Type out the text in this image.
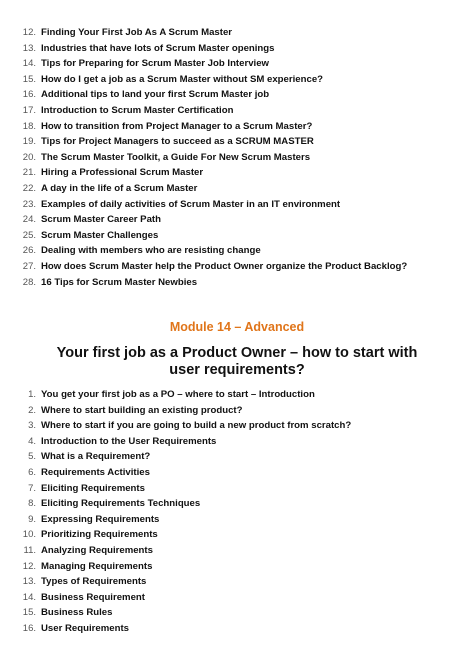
12. Finding Your First Job As A Scrum Master
13. Industries that have lots of Scrum Master openings
14. Tips for Preparing for Scrum Master Job Interview
15. How do I get a job as a Scrum Master without SM experience?
16. Additional tips to land your first Scrum Master job
17. Introduction to Scrum Master Certification
18. How to transition from Project Manager to a Scrum Master?
19. Tips for Project Managers to succeed as a SCRUM MASTER
20. The Scrum Master Toolkit, a Guide For New Scrum Masters
21. Hiring a Professional Scrum Master
22. A day in the life of a Scrum Master
23. Examples of daily activities of Scrum Master in an IT environment
24. Scrum Master Career Path
25. Scrum Master Challenges
26. Dealing with members who are resisting change
27. How does Scrum Master help the Product Owner organize the Product Backlog?
28. 16 Tips for Scrum Master Newbies
Module 14 – Advanced
Your first job as a Product Owner – how to start with user requirements?
1. You get your first job as a PO – where to start – Introduction
2. Where to start building an existing product?
3. Where to start if you are going to build a new product from scratch?
4. Introduction to the User Requirements
5. What is a Requirement?
6. Requirements Activities
7. Eliciting Requirements
8. Eliciting Requirements Techniques
9. Expressing Requirements
10. Prioritizing Requirements
11. Analyzing Requirements
12. Managing Requirements
13. Types of Requirements
14. Business Requirement
15. Business Rules
16. User Requirements
